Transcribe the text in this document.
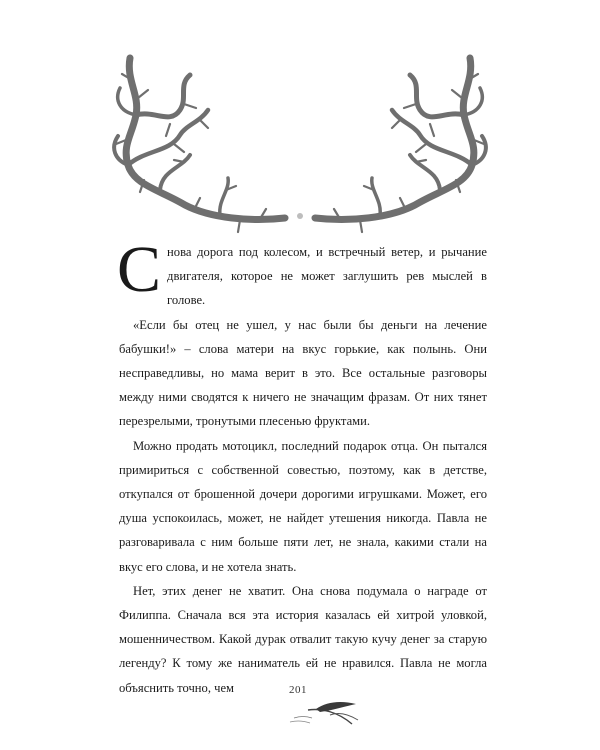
Снова дорога под колесом, и встречный ветер, и рычание двигателя, которое не может заглушить рев мыслей в голове.

«Если бы отец не ушел, у нас были бы деньги на лечение бабушки!» – слова матери на вкус горькие, как полынь. Они несправедливы, но мама верит в это. Все остальные разговоры между ними сводятся к ничего не значащим фразам. От них тянет перезрелыми, тронутыми плесенью фруктами.

Можно продать мотоцикл, последний подарок отца. Он пытался примириться с собственной совестью, поэтому, как в детстве, откупался от брошенной дочери дорогими игрушками. Может, его душа успокоилась, может, не найдет утешения никогда. Павла не разговаривала с ним больше пяти лет, не знала, какими стали на вкус его слова, и не хотела знать.

Нет, этих денег не хватит. Она снова подумала о награде от Филиппа. Сначала вся эта история казалась ей хитрой уловкой, мошенничеством. Какой дурак отвалит такую кучу денег за старую легенду? К тому же наниматель ей не нравился. Павла не могла объяснить точно, чем	201
